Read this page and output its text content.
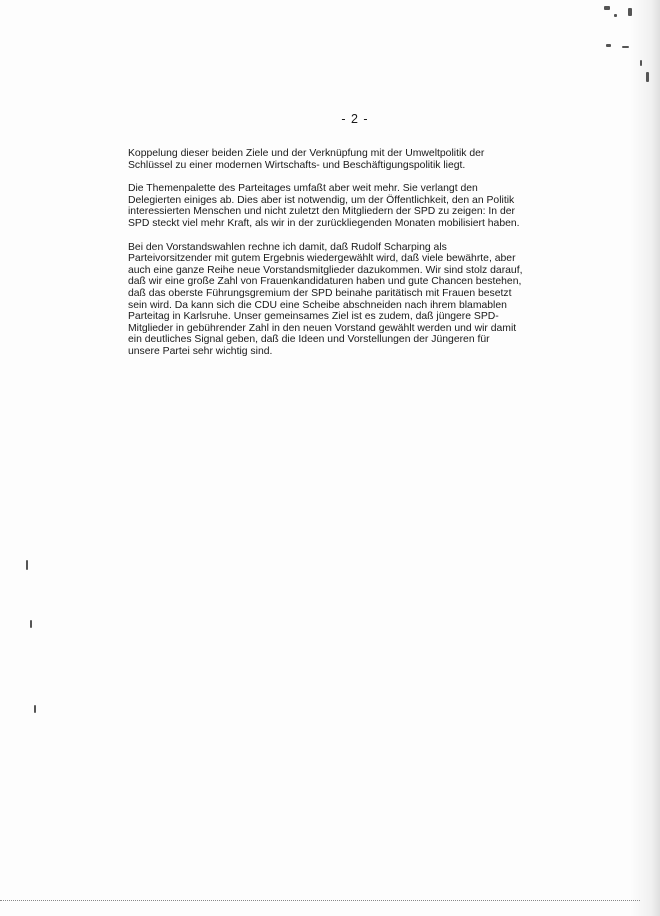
- 2 -

Koppelung dieser beiden Ziele und der Verknüpfung mit der Umweltpolitik der
Schlüssel zu einer modernen Wirtschafts- und Beschäftigungspolitik liegt.

Die Themenpalette des Parteitages umfaßt aber weit mehr. Sie verlangt den
Delegierten einiges ab. Dies aber ist notwendig, um der Öffentlichkeit, den an Politik
interessierten Menschen und nicht zuletzt den Mitgliedern der SPD zu zeigen: In der
SPD steckt viel mehr Kraft, als wir in der zurückliegenden Monaten mobilisiert haben.

Bei den Vorstandswahlen rechne ich damit, daß Rudolf Scharping als
Parteivorsitzender mit gutem Ergebnis wiedergewählt wird, daß viele bewährte, aber
auch eine ganze Reihe neue Vorstandsmitglieder dazukommen. Wir sind stolz darauf,
daß wir eine große Zahl von Frauenkandidaturen haben und gute Chancen bestehen,
daß das oberste Führungsgremium der SPD beinahe paritätisch mit Frauen besetzt
sein wird. Da kann sich die CDU eine Scheibe abschneiden nach ihrem blamablen
Parteitag in Karlsruhe. Unser gemeinsames Ziel ist es zudem, daß jüngere SPD-
Mitglieder in gebührender Zahl in den neuen Vorstand gewählt werden und wir damit
ein deutliches Signal geben, daß die Ideen und Vorstellungen der Jüngeren für
unsere Partei sehr wichtig sind.
